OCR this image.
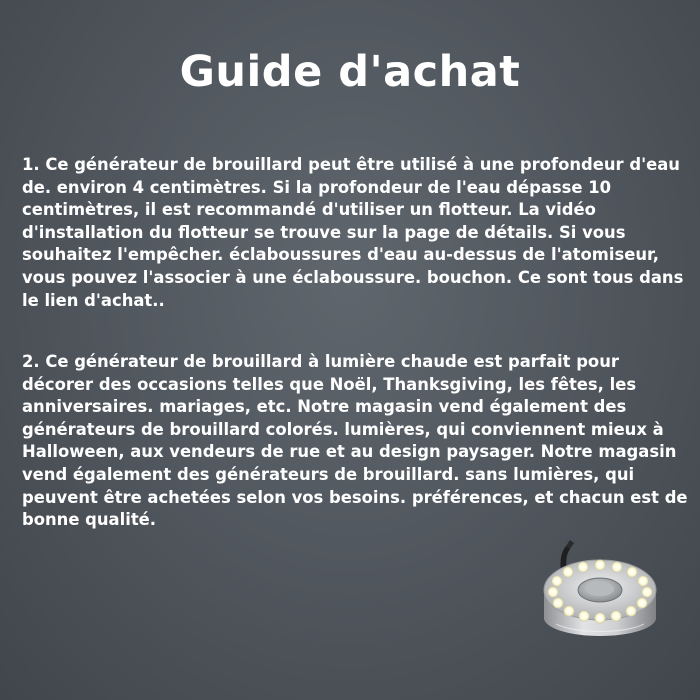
Guide d'achat

1. Ce générateur de brouillard peut être utilisé à une profondeur d'eau de. environ 4 centimètres. Si la profondeur de l'eau dépasse 10 centimètres, il est recommandé d'utiliser un flotteur. La vidéo d'installation du flotteur se trouve sur la page de détails. Si vous souhaitez l'empêcher. éclaboussures d'eau au-dessus de l'atomiseur, vous pouvez l'associer à une éclaboussure. bouchon. Ce sont tous dans le lien d'achat..

2. Ce générateur de brouillard à lumière chaude est parfait pour décorer des occasions telles que Noël, Thanksgiving, les fêtes, les anniversaires. mariages, etc. Notre magasin vend également des générateurs de brouillard colorés. lumières, qui conviennent mieux à Halloween, aux vendeurs de rue et au design paysager. Notre magasin vend également des générateurs de brouillard. sans lumières, qui peuvent être achetées selon vos besoins. préférences, et chacun est de bonne qualité.
